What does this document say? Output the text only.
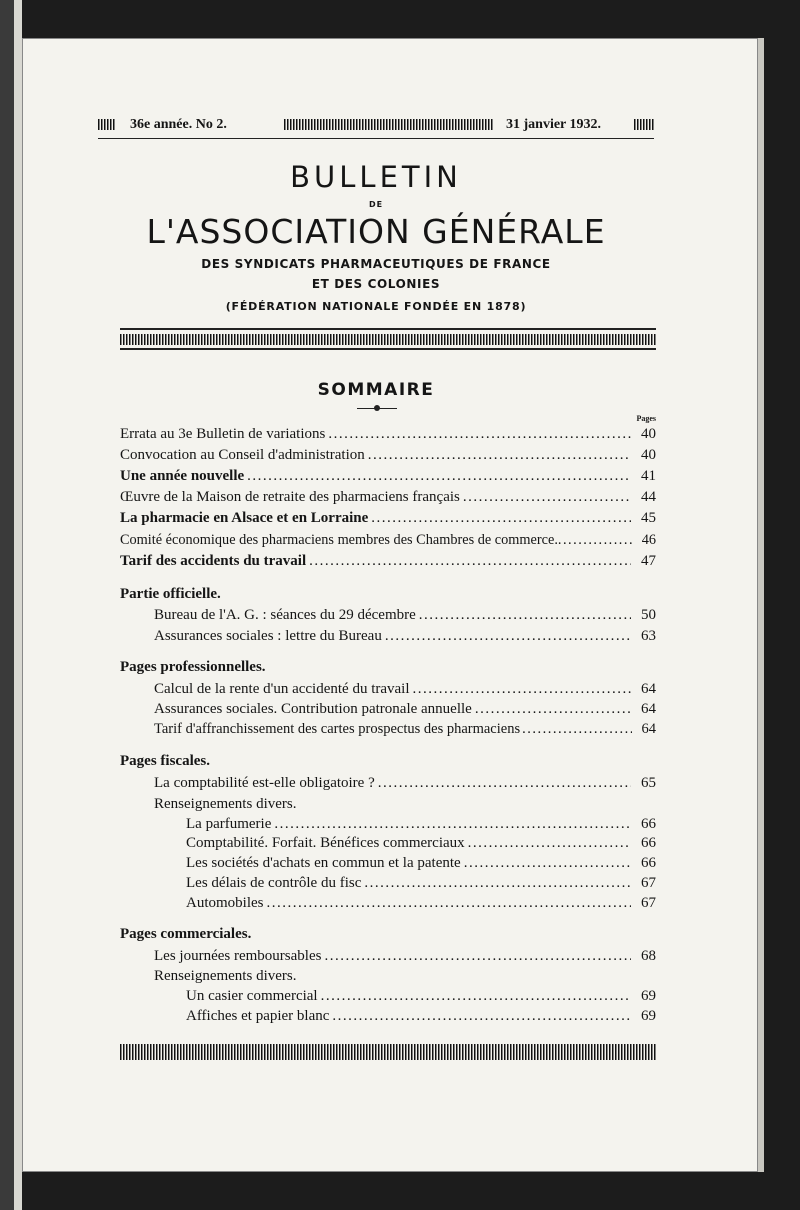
36e année. No 2.	31 janvier 1932.
BULLETIN
DE
L'ASSOCIATION GÉNÉRALE
DES SYNDICATS PHARMACEUTIQUES DE FRANCE
ET DES COLONIES
(FÉDÉRATION NATIONALE FONDÉE EN 1878)
SOMMAIRE
Pages
Errata au 3e Bulletin de variations .....	40
Convocation au Conseil d'administration .....	40
Une année nouvelle .....	41
Œuvre de la Maison de retraite des pharmaciens français .....	44
La pharmacie en Alsace et en Lorraine .....	45
Comité économique des pharmaciens membres des Chambres de commerce. .....	46
Tarif des accidents du travail .....	47
Partie officielle.
Bureau de l'A. G. : séances du 29 décembre .....	50
Assurances sociales : lettre du Bureau .....	63
Pages professionnelles.
Calcul de la rente d'un accidenté du travail .....	64
Assurances sociales. Contribution patronale annuelle .....	64
Tarif d'affranchissement des cartes prospectus des pharmaciens .....	64
Pages fiscales.
La comptabilité est-elle obligatoire ? .....	65
Renseignements divers.
La parfumerie .....	66
Comptabilité. Forfait. Bénéfices commerciaux .....	66
Les sociétés d'achats en commun et la patente .....	66
Les délais de contrôle du fisc .....	67
Automobiles .....	67
Pages commerciales.
Les journées remboursables .....	68
Renseignements divers.
Un casier commercial .....	69
Affiches et papier blanc .....	69
